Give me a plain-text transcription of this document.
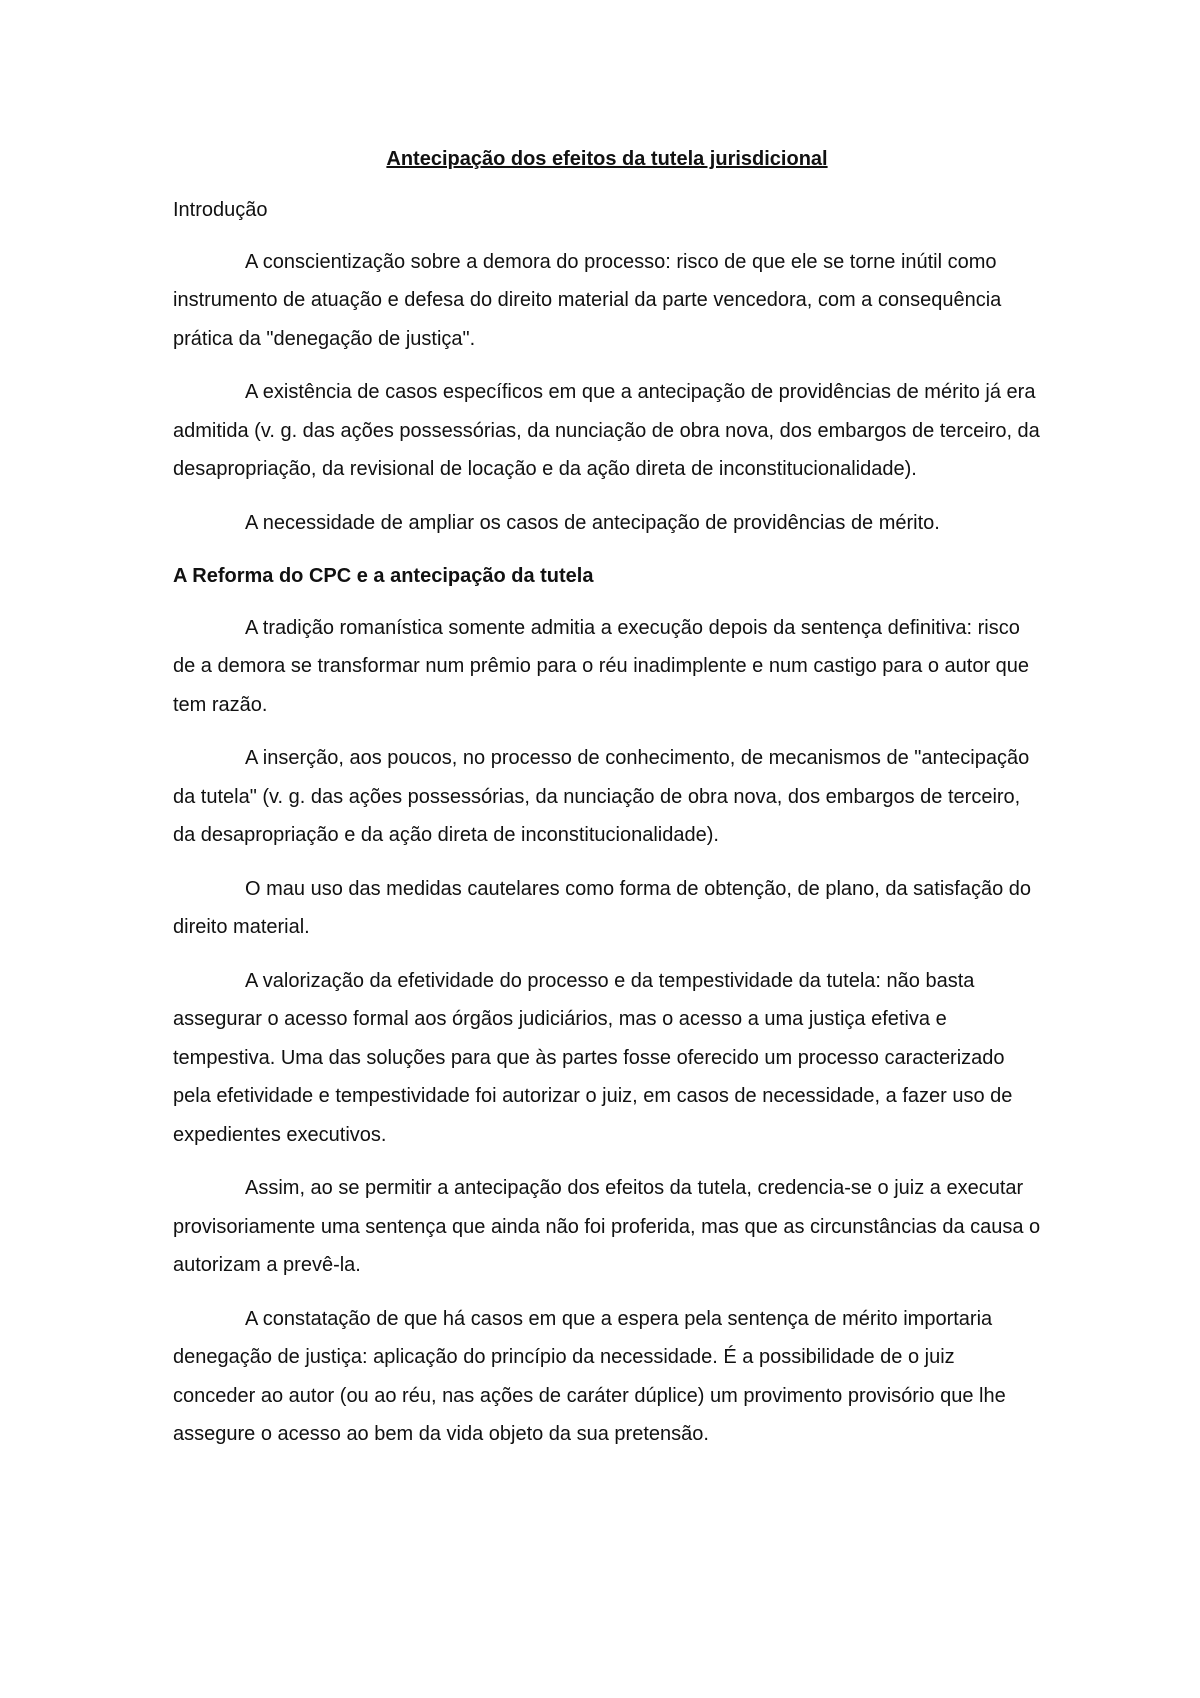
Antecipação dos efeitos da tutela jurisdicional
Introdução

A conscientização sobre a demora do processo: risco de que ele se torne inútil como instrumento de atuação e defesa do direito material da parte vencedora, com a consequência prática da "denegação de justiça".

A existência de casos específicos em que a antecipação de providências de mérito já era admitida (v. g. das ações possessórias, da nunciação de obra nova, dos embargos de terceiro, da desapropriação, da revisional de locação e da ação direta de inconstitucionalidade).

A necessidade de ampliar os casos de antecipação de providências de mérito.

A Reforma do CPC e a antecipação da tutela

A tradição romanística somente admitia a execução depois da sentença definitiva: risco de a demora se transformar num prêmio para o réu inadimplente e num castigo para o autor que tem razão.

A inserção, aos poucos, no processo de conhecimento, de mecanismos de "antecipação da tutela" (v. g. das ações possessórias, da nunciação de obra nova, dos embargos de terceiro, da desapropriação e da ação direta de inconstitucionalidade).

O mau uso das medidas cautelares como forma de obtenção, de plano, da satisfação do direito material.

A valorização da efetividade do processo e da tempestividade da tutela: não basta assegurar o acesso formal aos órgãos judiciários, mas o acesso a uma justiça efetiva e tempestiva. Uma das soluções para que às partes fosse oferecido um processo caracterizado pela efetividade e tempestividade foi autorizar o juiz, em casos de necessidade, a fazer uso de expedientes executivos.

Assim, ao se permitir a antecipação dos efeitos da tutela, credencia-se o juiz a executar provisoriamente uma sentença que ainda não foi proferida, mas que as circunstâncias da causa o autorizam a prevê-la.

A constatação de que há casos em que a espera pela sentença de mérito importaria denegação de justiça: aplicação do princípio da necessidade. É a possibilidade de o juiz conceder ao autor (ou ao réu, nas ações de caráter dúplice) um provimento provisório que lhe assegure o acesso ao bem da vida objeto da sua pretensão.
